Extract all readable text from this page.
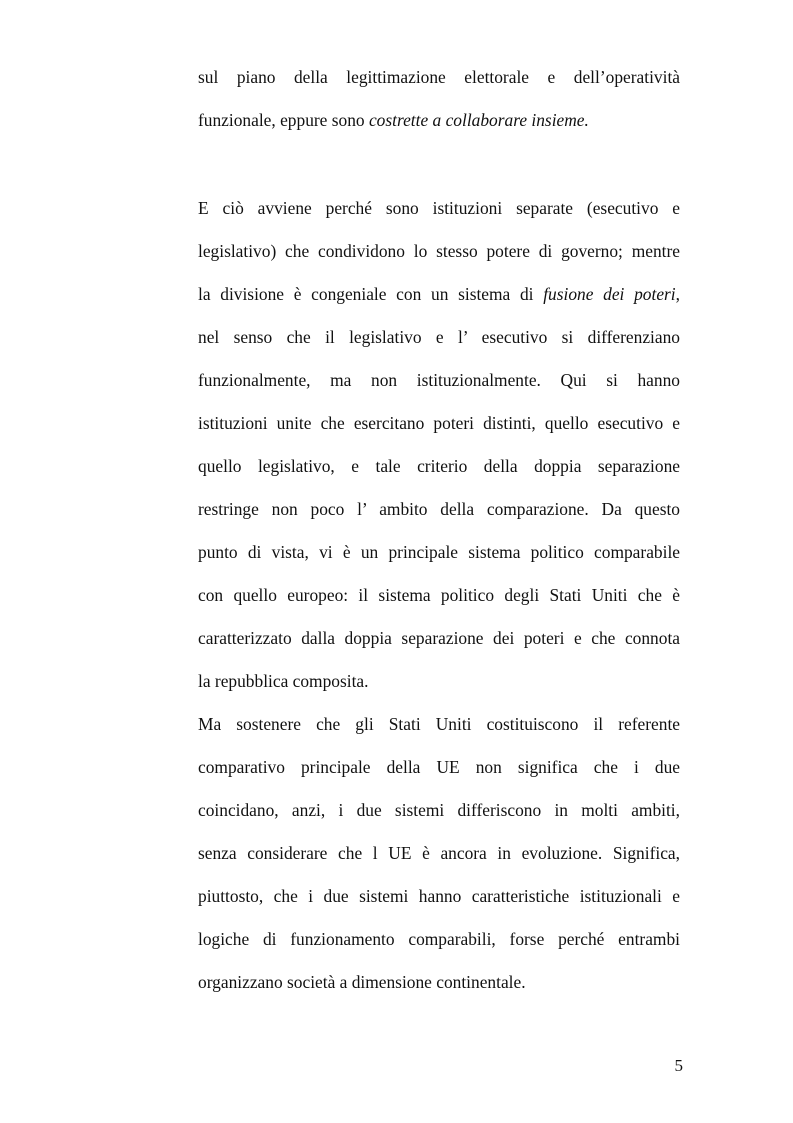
sul piano della legittimazione elettorale e dell’operatività
funzionale, eppure sono costrette a collaborare insieme.
E ciò avviene perché sono istituzioni separate (esecutivo e
legislativo) che condividono lo stesso potere di governo; mentre
la divisione è congeniale con un sistema di fusione dei poteri,
nel senso che il legislativo e l’ esecutivo si differenziano
funzionalmente, ma non istituzionalmente. Qui si hanno
istituzioni unite che esercitano poteri distinti, quello esecutivo e
quello legislativo, e tale criterio della doppia separazione
restringe non poco l’ ambito della comparazione. Da questo
punto di vista, vi è un principale sistema politico comparabile
con quello europeo: il sistema politico degli Stati Uniti che è
caratterizzato dalla doppia separazione dei poteri e che connota
la repubblica composita.
Ma sostenere che gli Stati Uniti costituiscono il referente
comparativo principale della UE non significa che i due
coincidano, anzi, i due sistemi differiscono in molti ambiti,
senza considerare che l UE è ancora in evoluzione. Significa,
piuttosto, che i due sistemi hanno caratteristiche istituzionali e
logiche di funzionamento comparabili, forse perché entrambi
organizzano società a dimensione continentale.
5
